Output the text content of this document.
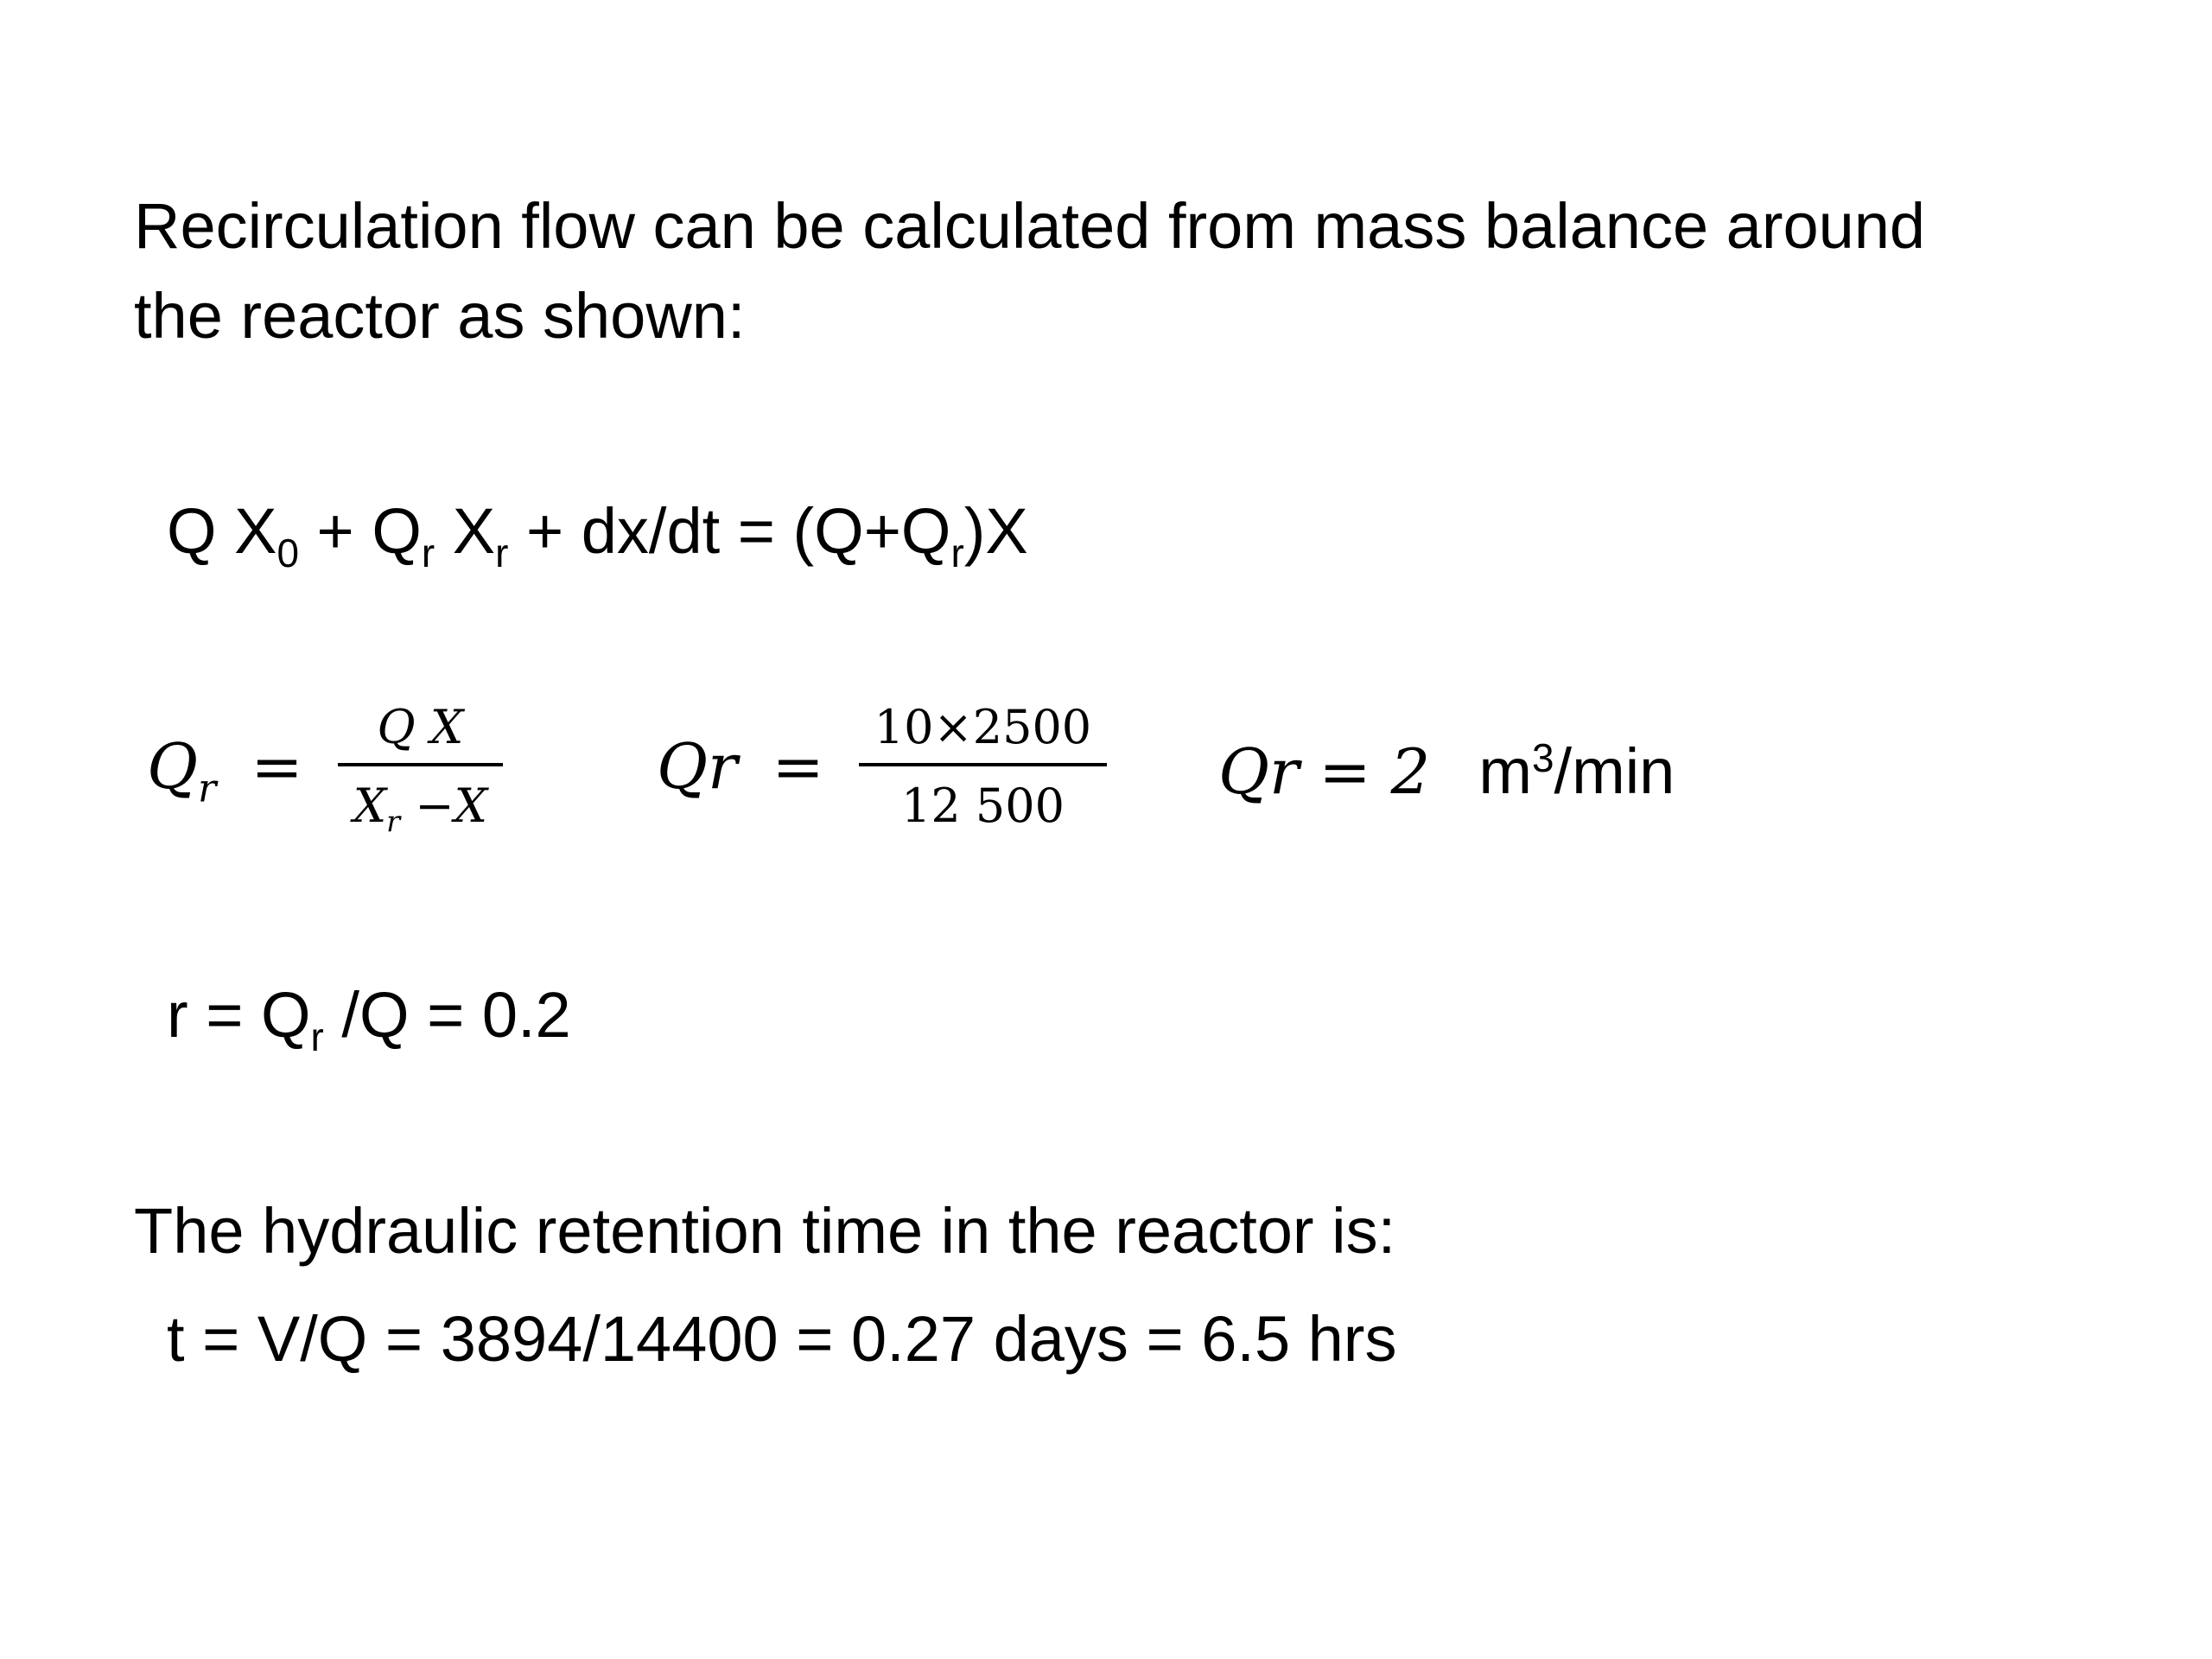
Recirculation flow can be calculated from mass balance around
the reactor as shown:

Q $X_0 + Q_r$ $X_r + dx/dt = (Q+Q_r)X$
$Q_r = \frac{\text{Q X}}{X_r -X}$ $Qr = \frac{10\times 2500}{12 500}$ Qr = 2 $m^3/\min$
$r = Q_r$ /Q = 0.2
The hydraulic retention time in the reactor is:
t = V/Q = 3894/14400 = 0.27 days = 6.5 hrs
